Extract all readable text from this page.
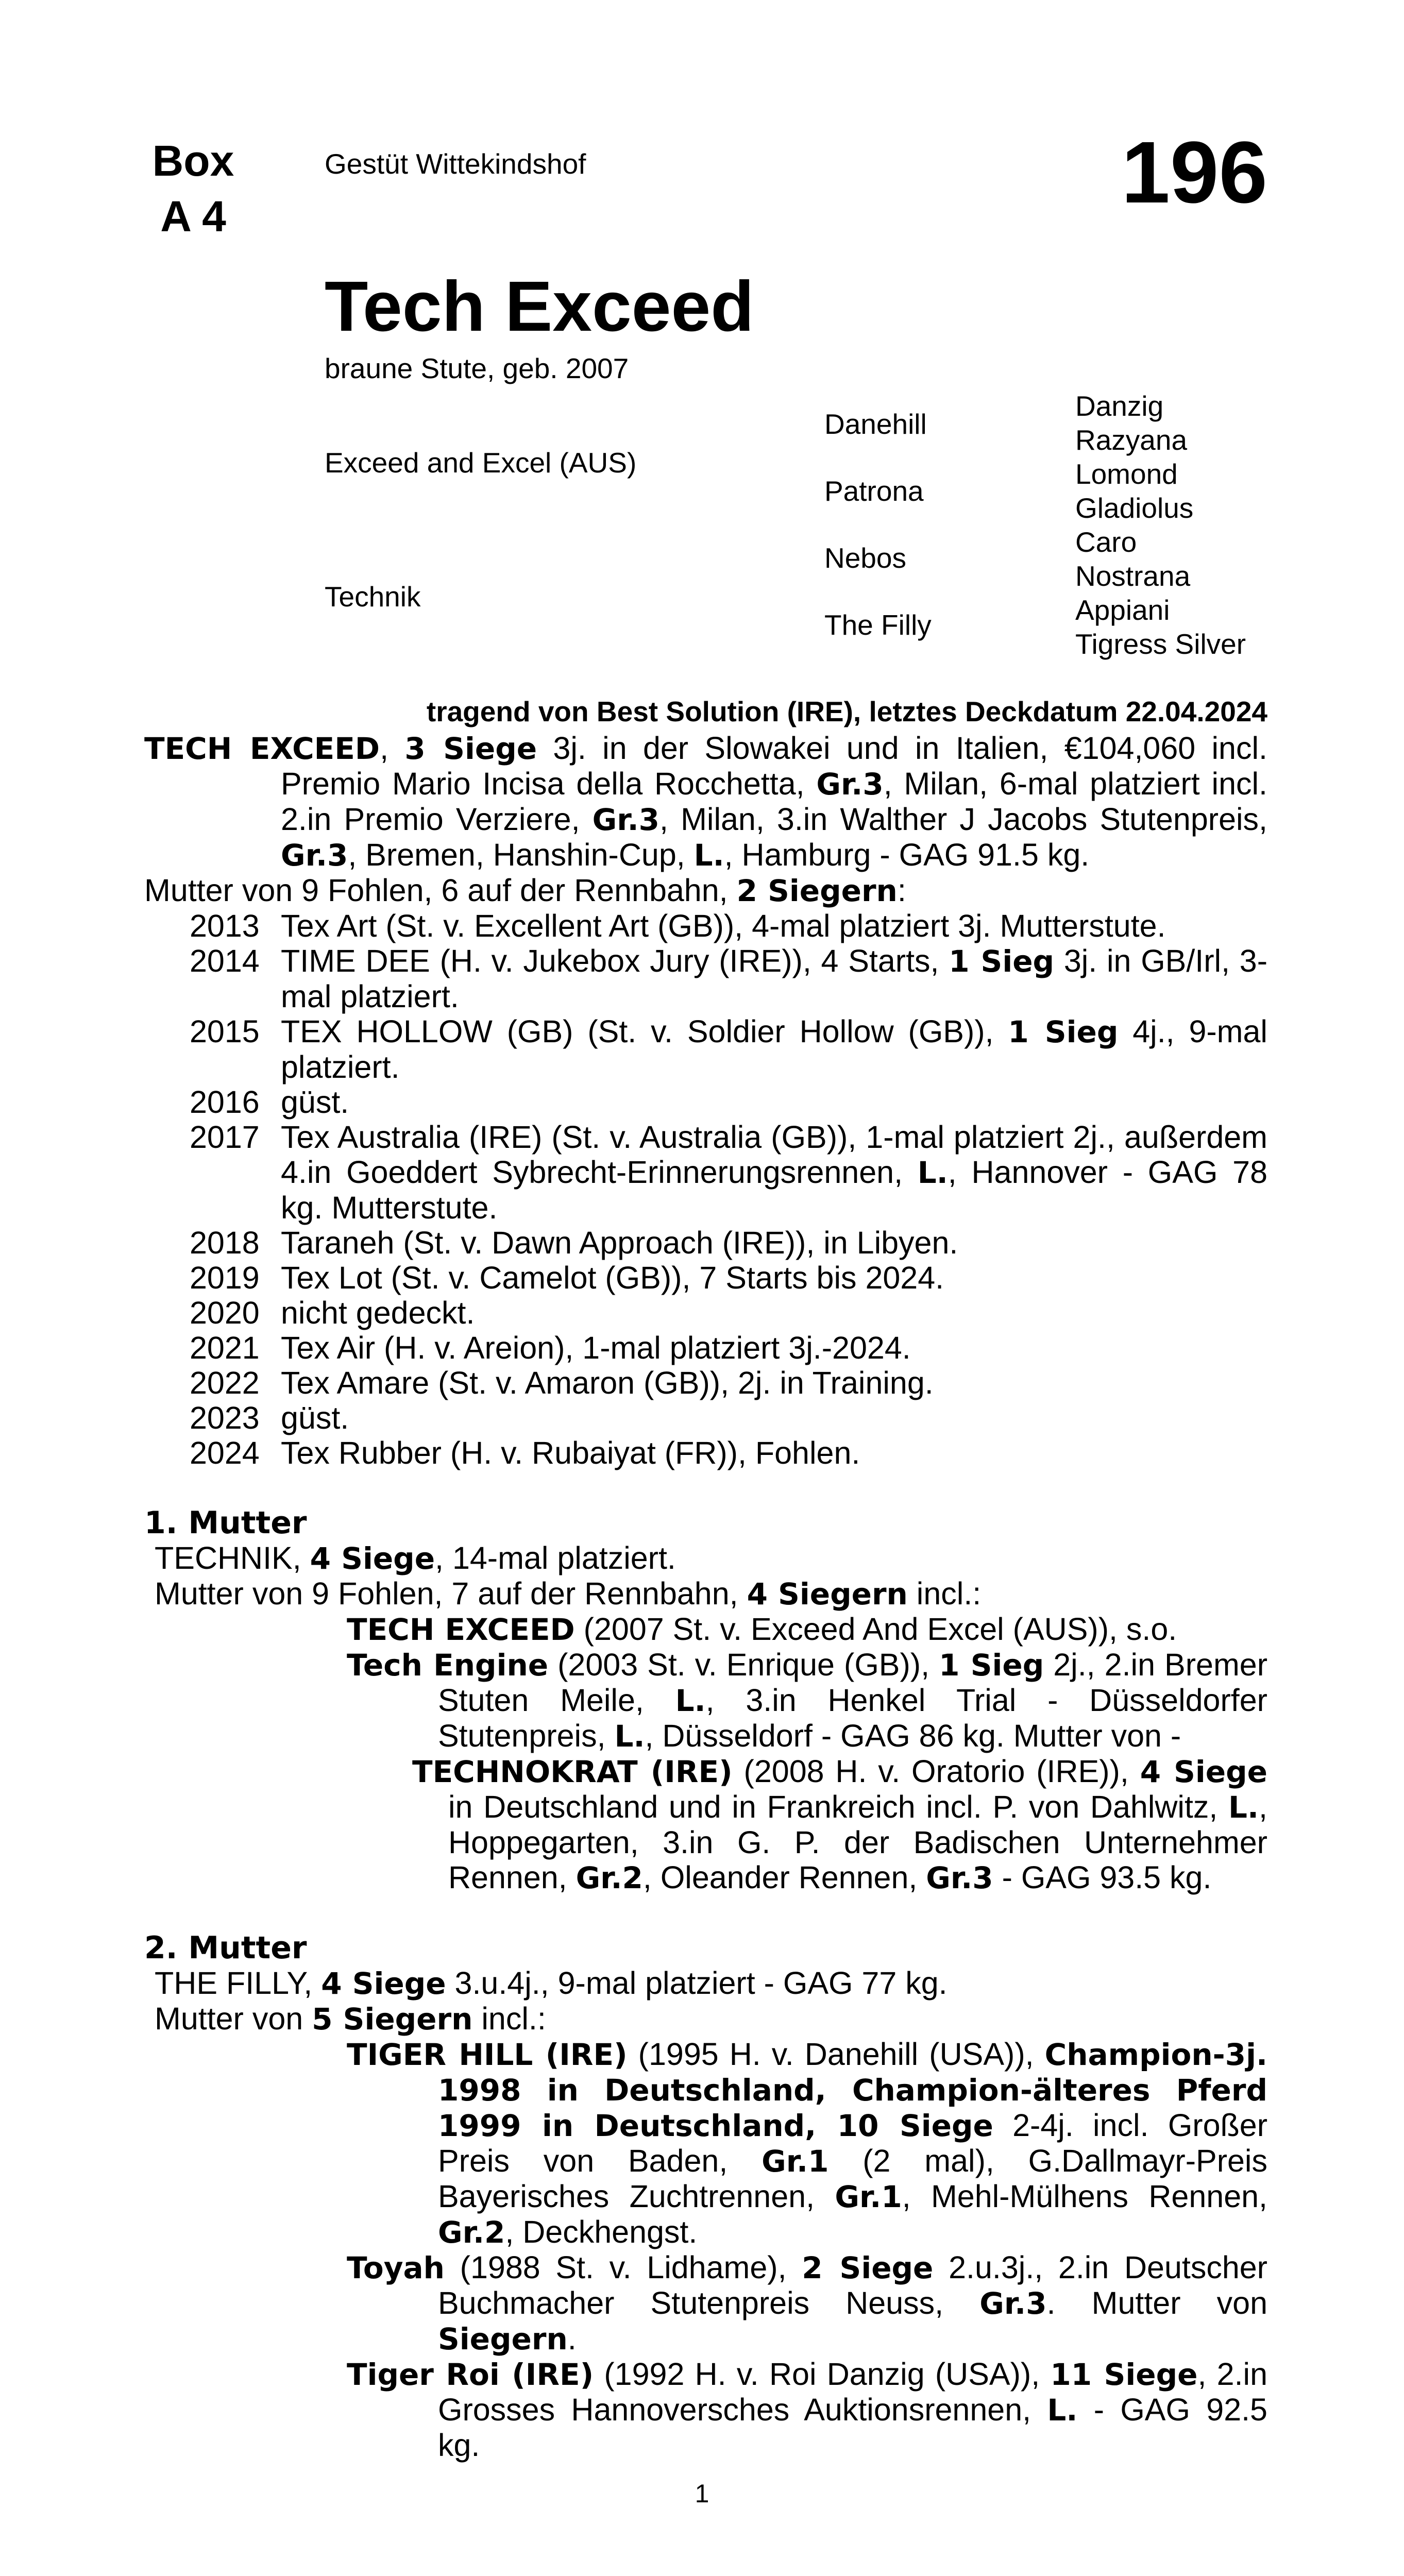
Box
A 4
Gestüt Wittekindshof	196
Tech Exceed
braune Stute, geb. 2007
Exceed and Excel (AUS)
Technik
Danehill
Patrona
Nebos
The Filly
Danzig
Razyana
Lomond
Gladiolus
Caro
Nostrana
Appiani
Tigress Silver
tragend von Best Solution (IRE), letztes Deckdatum 22.04.2024

TECH EXCEED, 3 Siege 3j. in der Slowakei und in Italien, €104,060 incl. Premio Mario Incisa della Rocchetta, Gr.3, Milan, 6-mal platziert incl. 2.in Premio Verziere, Gr.3, Milan, 3.in Walther J Jacobs Stutenpreis, Gr.3, Bremen, Hanshin-Cup, L., Hamburg - GAG 91.5 kg.

Mutter von 9 Fohlen, 6 auf der Rennbahn, 2 Siegern:

2013 Tex Art (St. v. Excellent Art (GB)), 4-mal platziert 3j. Mutterstute.

2014 TIME DEE (H. v. Jukebox Jury (IRE)), 4 Starts, 1 Sieg 3j. in GB/Irl, 3-mal platziert.

2015 TEX HOLLOW (GB) (St. v. Soldier Hollow (GB)), 1 Sieg 4j., 9-mal platziert.

2016 güst.

2017 Tex Australia (IRE) (St. v. Australia (GB)), 1-mal platziert 2j., außerdem 4.in Goeddert Sybrecht-Erinnerungsrennen, L., Hannover - GAG 78 kg. Mutterstute.

2018 Taraneh (St. v. Dawn Approach (IRE)), in Libyen.

2019 Tex Lot (St. v. Camelot (GB)), 7 Starts bis 2024.

2020 nicht gedeckt.

2021 Tex Air (H. v. Areion), 1-mal platziert 3j.-2024.

2022 Tex Amare (St. v. Amaron (GB)), 2j. in Training.

2023 güst.

2024 Tex Rubber (H. v. Rubaiyat (FR)), Fohlen.

1. Mutter

TECHNIK, 4 Siege, 14-mal platziert.

Mutter von 9 Fohlen, 7 auf der Rennbahn, 4 Siegern incl.:

TECH EXCEED (2007 St. v. Exceed And Excel (AUS)), s.o.

Tech Engine (2003 St. v. Enrique (GB)), 1 Sieg 2j., 2.in Bremer Stuten Meile, L., 3.in Henkel Trial - Düsseldorfer Stutenpreis, L., Düsseldorf - GAG 86 kg. Mutter von -

TECHNOKRAT (IRE) (2008 H. v. Oratorio (IRE)), 4 Siege in Deutschland und in Frankreich incl. P. von Dahlwitz, L., Hoppegarten, 3.in G. P. der Badischen Unternehmer Rennen, Gr.2, Oleander Rennen, Gr.3 - GAG 93.5 kg.

2. Mutter

THE FILLY, 4 Siege 3.u.4j., 9-mal platziert - GAG 77 kg.

Mutter von 5 Siegern incl.:

TIGER HILL (IRE) (1995 H. v. Danehill (USA)), Champion-3j. 1998 in Deutschland, Champion-älteres Pferd 1999 in Deutschland, 10 Siege 2-4j. incl. Großer Preis von Baden, Gr.1 (2 mal), G.Dallmayr-Preis Bayerisches Zuchtrennen, Gr.1, Mehl-Mülhens Rennen, Gr.2, Deckhengst.

Toyah (1988 St. v. Lidhame), 2 Siege 2.u.3j., 2.in Deutscher Buchmacher Stutenpreis Neuss, Gr.3. Mutter von Siegern.

Tiger Roi (IRE) (1992 H. v. Roi Danzig (USA)), 11 Siege, 2.in Grosses Hannoversches Auktionsrennen, L. - GAG 92.5 kg.

1
